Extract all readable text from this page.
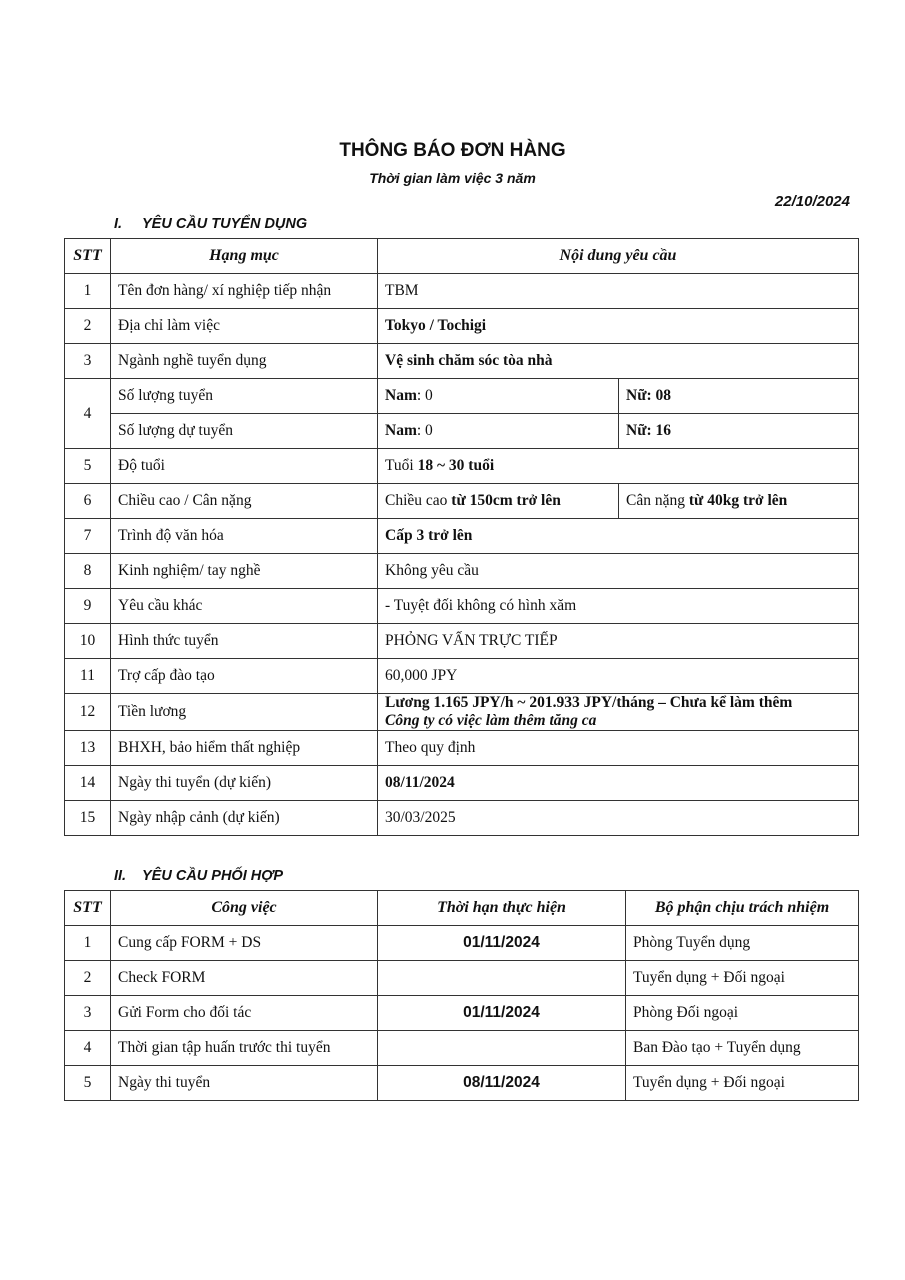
THÔNG BÁO ĐƠN HÀNG
Thời gian làm việc 3 năm
22/10/2024
I. YÊU CẦU TUYỂN DỤNG
STT	Hạng mục	Nội dung yêu cầu	
1	Tên đơn hàng/ xí nghiệp tiếp nhận	TBM	
2	Địa chỉ làm việc	Tokyo / Tochigi	
3	Ngành nghề tuyển dụng	Vệ sinh chăm sóc tòa nhà	
4	Số lượng tuyển	Nam: 0	Nữ: 08
	Số lượng dự tuyển	Nam: 0	Nữ: 16
5	Độ tuổi	Tuổi 18 ~ 30 tuổi	
6	Chiều cao / Cân nặng	Chiều cao từ 150cm trở lên	Cân nặng từ 40kg trở lên
7	Trình độ văn hóa	Cấp 3 trở lên	
8	Kinh nghiệm/ tay nghề	Không yêu cầu	
9	Yêu cầu khác	- Tuyệt đối không có hình xăm	
10	Hình thức tuyển	PHỎNG VẤN TRỰC TIẾP	
11	Trợ cấp đào tạo	60,000 JPY	
12	Tiền lương	Lương 1.165 JPY/h ~ 201.933 JPY/tháng – Chưa kể làm thêm
Công ty có việc làm thêm tăng ca	

13	BHXH, bảo hiểm thất nghiệp	Theo quy định	
14	Ngày thi tuyển (dự kiến)	08/11/2024	
15	Ngày nhập cảnh (dự kiến)	30/03/2025	
II. YÊU CẦU PHỐI HỢP
STT	Công việc	Thời hạn thực hiện	Bộ phận chịu trách nhiệm
1	Cung cấp FORM + DS	01/11/2024	Phòng Tuyển dụng
2	Check FORM		Tuyển dụng + Đối ngoại
3	Gửi Form cho đối tác	01/11/2024	Phòng Đối ngoại
4	Thời gian tập huấn trước thi tuyển		Ban Đào tạo + Tuyển dụng
5	Ngày thi tuyển	08/11/2024	Tuyển dụng + Đối ngoại
